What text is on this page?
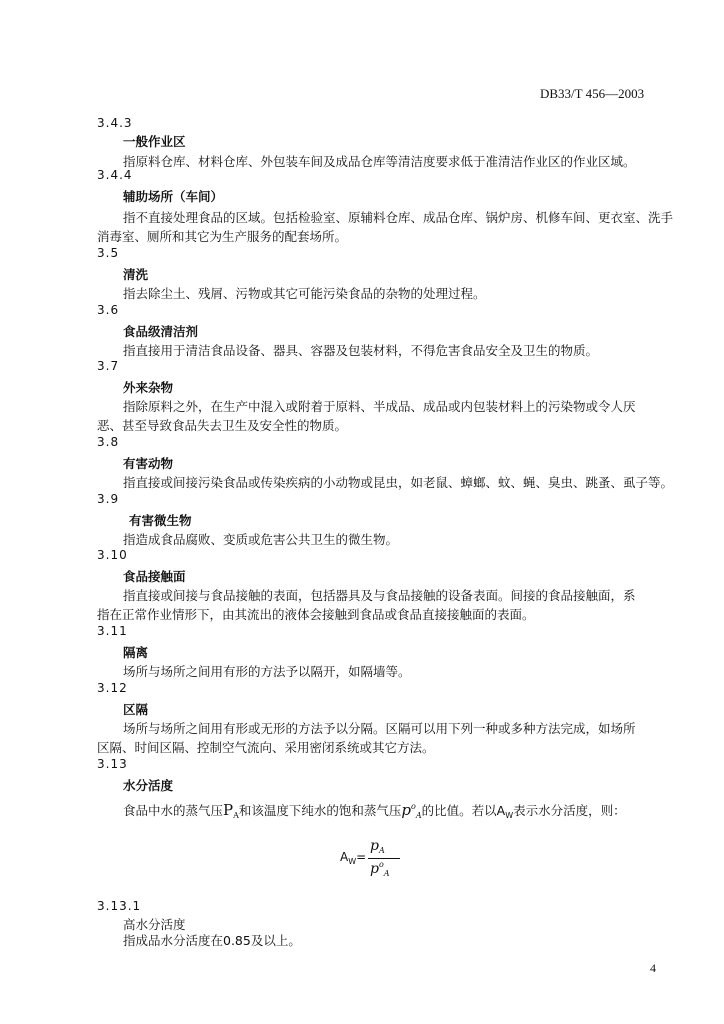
DB33/T 456—2003
3.4.3
一般作业区
指原料仓库、材料仓库、外包装车间及成品仓库等清洁度要求低于准清洁作业区的作业区域。
3.4.4
辅助场所（车间）
指不直接处理食品的区域。包括检验室、原辅料仓库、成品仓库、锅炉房、机修车间、更衣室、洗手
消毒室、厕所和其它为生产服务的配套场所。
3.5
清洗
指去除尘土、残屑、污物或其它可能污染食品的杂物的处理过程。
3.6
食品级清洁剂
指直接用于清洁食品设备、器具、容器及包装材料，不得危害食品安全及卫生的物质。
3.7
外来杂物
指除原料之外，在生产中混入或附着于原料、半成品、成品或内包装材料上的污染物或令人厌
恶、甚至导致食品失去卫生及安全性的物质。
3.8
有害动物
指直接或间接污染食品或传染疾病的小动物或昆虫，如老鼠、蟑螂、蚊、蝇、臭虫、跳蚤、虱子等。
3.9
有害微生物
指造成食品腐败、变质或危害公共卫生的微生物。
3.10
食品接触面
指直接或间接与食品接触的表面，包括器具及与食品接触的设备表面。间接的食品接触面，系
指在正常作业情形下，由其流出的液体会接触到食品或食品直接接触面的表面。
3.11
隔离
场所与场所之间用有形的方法予以隔开，如隔墙等。
3.12
区隔
场所与场所之间用有形或无形的方法予以分隔。区隔可以用下列一种或多种方法完成，如场所
区隔、时间区隔、控制空气流向、采用密闭系统或其它方法。
3.13
水分活度
食品中水的蒸气压$P_A$和该温度下纯水的饱和蒸气压$p^o_A$的比值。若以$A_W$表示水分活度，则：
$A_W=$
$p_A$
$p^o_A$
3.13.1
高水分活度
指成品水分活度在0.85及以上。
4
